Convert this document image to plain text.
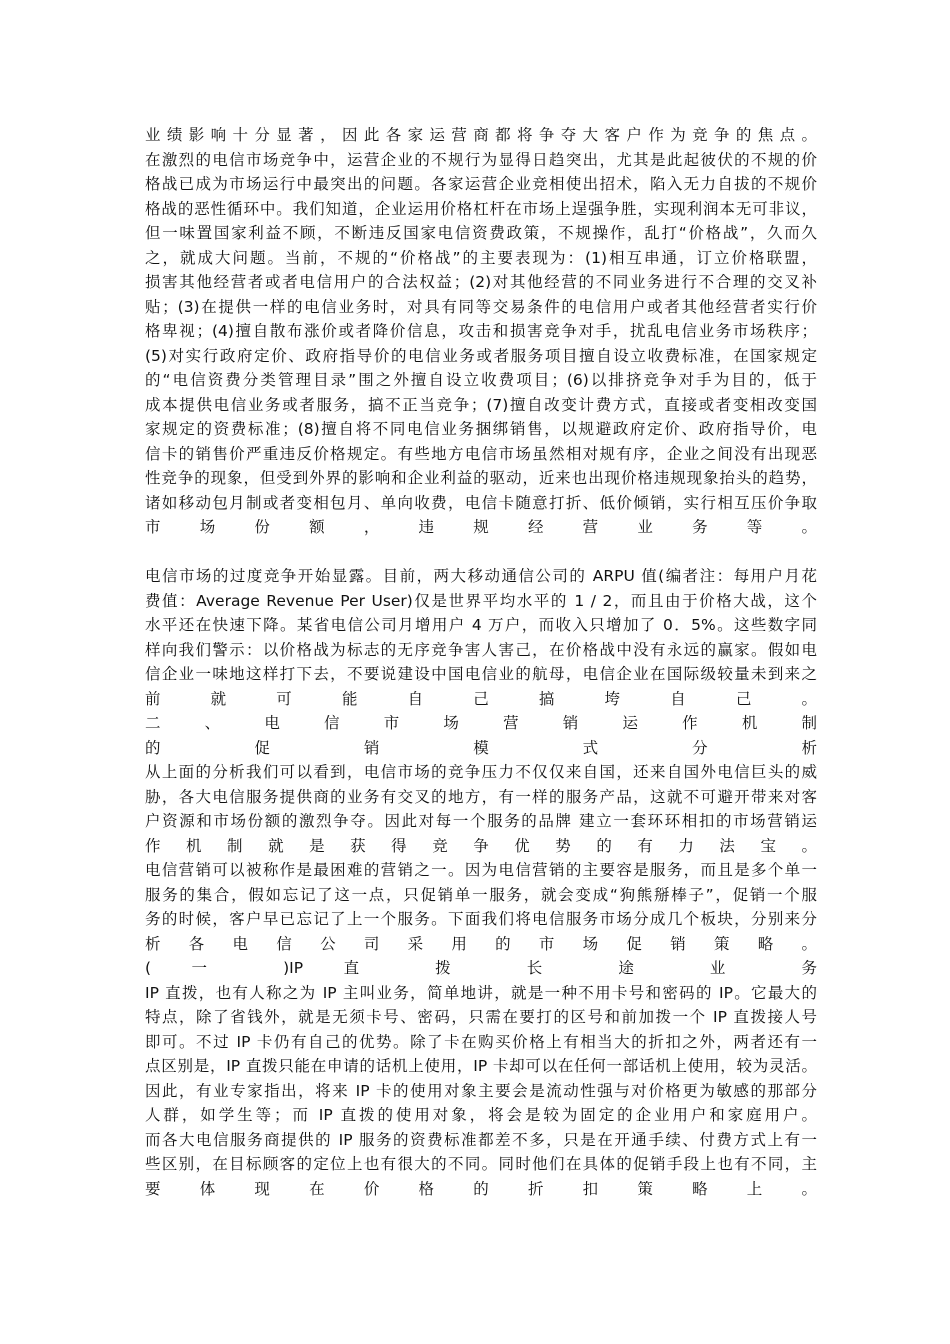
业 绩 影 响 十 分 显 著 ， 因 此 各 家 运 营 商 都 将 争 夺 大 客 户 作 为 竞 争 的 焦 点 。
在激烈的电信市场竞争中，运营企业的不规行为显得日趋突出，尤其是此起彼伏的不规的价
格战已成为市场运行中最突出的问题。各家运营企业竞相使出招术，陷入无力自拔的不规价
格战的恶性循环中。我们知道，企业运用价格杠杆在市场上逞强争胜，实现利润本无可非议，
但一味置国家利益不顾，不断违反国家电信资费政策，不规操作，乱打“价格战”，久而久
之，就成大问题。当前，不规的“价格战”的主要表现为：(1)相互串通，订立价格联盟，
损害其他经营者或者电信用户的合法权益；(2)对其他经营的不同业务进行不合理的交叉补
贴；(3)在提供一样的电信业务时，对具有同等交易条件的电信用户或者其他经营者实行价
格卑视；(4)擅自散布涨价或者降价信息，攻击和损害竞争对手，扰乱电信业务市场秩序；
(5)对实行政府定价、政府指导价的电信业务或者服务项目擅自设立收费标准，在国家规定
的“电信资费分类管理目录”围之外擅自设立收费项目；(6)以排挤竞争对手为目的，低于
成本提供电信业务或者服务，搞不正当竞争；(7)擅自改变计费方式，直接或者变相改变国
家规定的资费标准；(8)擅自将不同电信业务捆绑销售，以规避政府定价、政府指导价，电
信卡的销售价严重违反价格规定。有些地方电信市场虽然相对规有序，企业之间没有出现恶
性竞争的现象，但受到外界的影响和企业利益的驱动，近来也出现价格违规现象抬头的趋势，
诸如移动包月制或者变相包月、单向收费，电信卡随意打折、低价倾销，实行相互压价争取
市 场 份 额 ， 违 规 经 营 业 务 等 。
电信市场的过度竞争开始显露。目前，两大移动通信公司的 ARPU 值(编者注：每用户月花
费值：Average Revenue Per User)仅是世界平均水平的 1 / 2，而且由于价格大战，这个
水平还在快速下降。某省电信公司月增用户 4 万户，而收入只增加了 0．5%。这些数字同
样向我们警示：以价格战为标志的无序竞争害人害己，在价格战中没有永远的赢家。假如电
信企业一味地这样打下去，不要说建设中国电信业的航母，电信企业在国际级较量未到来之
前 就 可 能 自 己 搞 垮 自 己 。
二 、 电 信 市 场 营 销 运 作 机 制
的 促 销 模 式 分 析
从上面的分析我们可以看到，电信市场的竞争压力不仅仅来自国，还来自国外电信巨头的威
胁，各大电信服务提供商的业务有交叉的地方，有一样的服务产品，这就不可避开带来对客
户资源和市场份额的激烈争夺。因此对每一个服务的品牌 建立一套环环相扣的市场营销运
作 机 制 就 是 获 得 竞 争 优 势 的 有 力 法 宝 。
电信营销可以被称作是最困难的营销之一。因为电信营销的主要容是服务，而且是多个单一
服务的集合，假如忘记了这一点，只促销单一服务，就会变成“狗熊掰棒子”，促销一个服
务的时候，客户早已忘记了上一个服务。下面我们将电信服务市场分成几个板块，分别来分
析 各 电 信 公 司 采 用 的 市 场 促 销 策 略 。
( 一 )IP 直 拨 长 途 业 务
IP 直拨，也有人称之为 IP 主叫业务，简单地讲，就是一种不用卡号和密码的 IP。它最大的
特点，除了省钱外，就是无须卡号、密码，只需在要打的区号和前加拨一个 IP 直拨接人号
即可。不过 IP 卡仍有自己的优势。除了卡在购买价格上有相当大的折扣之外，两者还有一
点区别是，IP 直拨只能在申请的话机上使用，IP 卡却可以在任何一部话机上使用，较为灵活。
因此，有业专家指出，将来 IP 卡的使用对象主要会是流动性强与对价格更为敏感的那部分
人群，如学生等；而 IP 直拨的使用对象，将会是较为固定的企业用户和家庭用户。
而各大电信服务商提供的 IP 服务的资费标准都差不多，只是在开通手续、付费方式上有一
些区别，在目标顾客的定位上也有很大的不同。同时他们在具体的促销手段上也有不同，主
要 体 现 在 价 格 的 折 扣 策 略 上 。
